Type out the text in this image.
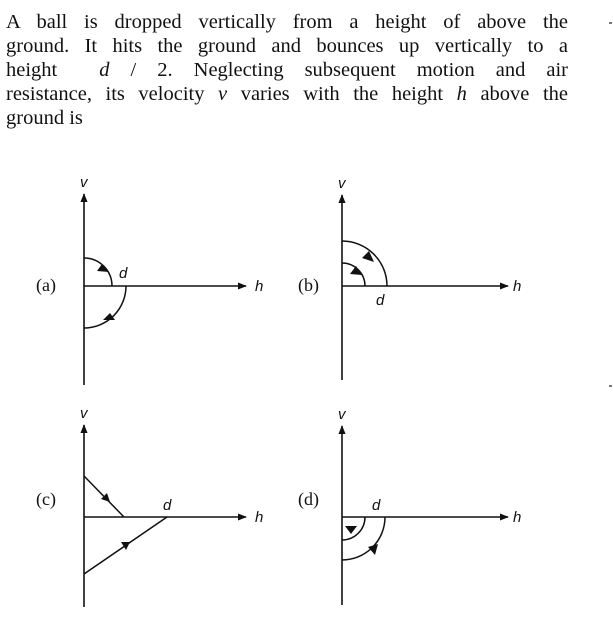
A ball is dropped vertically from a height of above the
ground. It hits the ground and bounces up vertically to a
height d / 2. Neglecting subsequent motion and air
resistance, its velocity v varies with the height h above the
ground is
(a)
v
h
d
(b)
v
h
d
(c)
v
h
d	(d)
v
h
d
